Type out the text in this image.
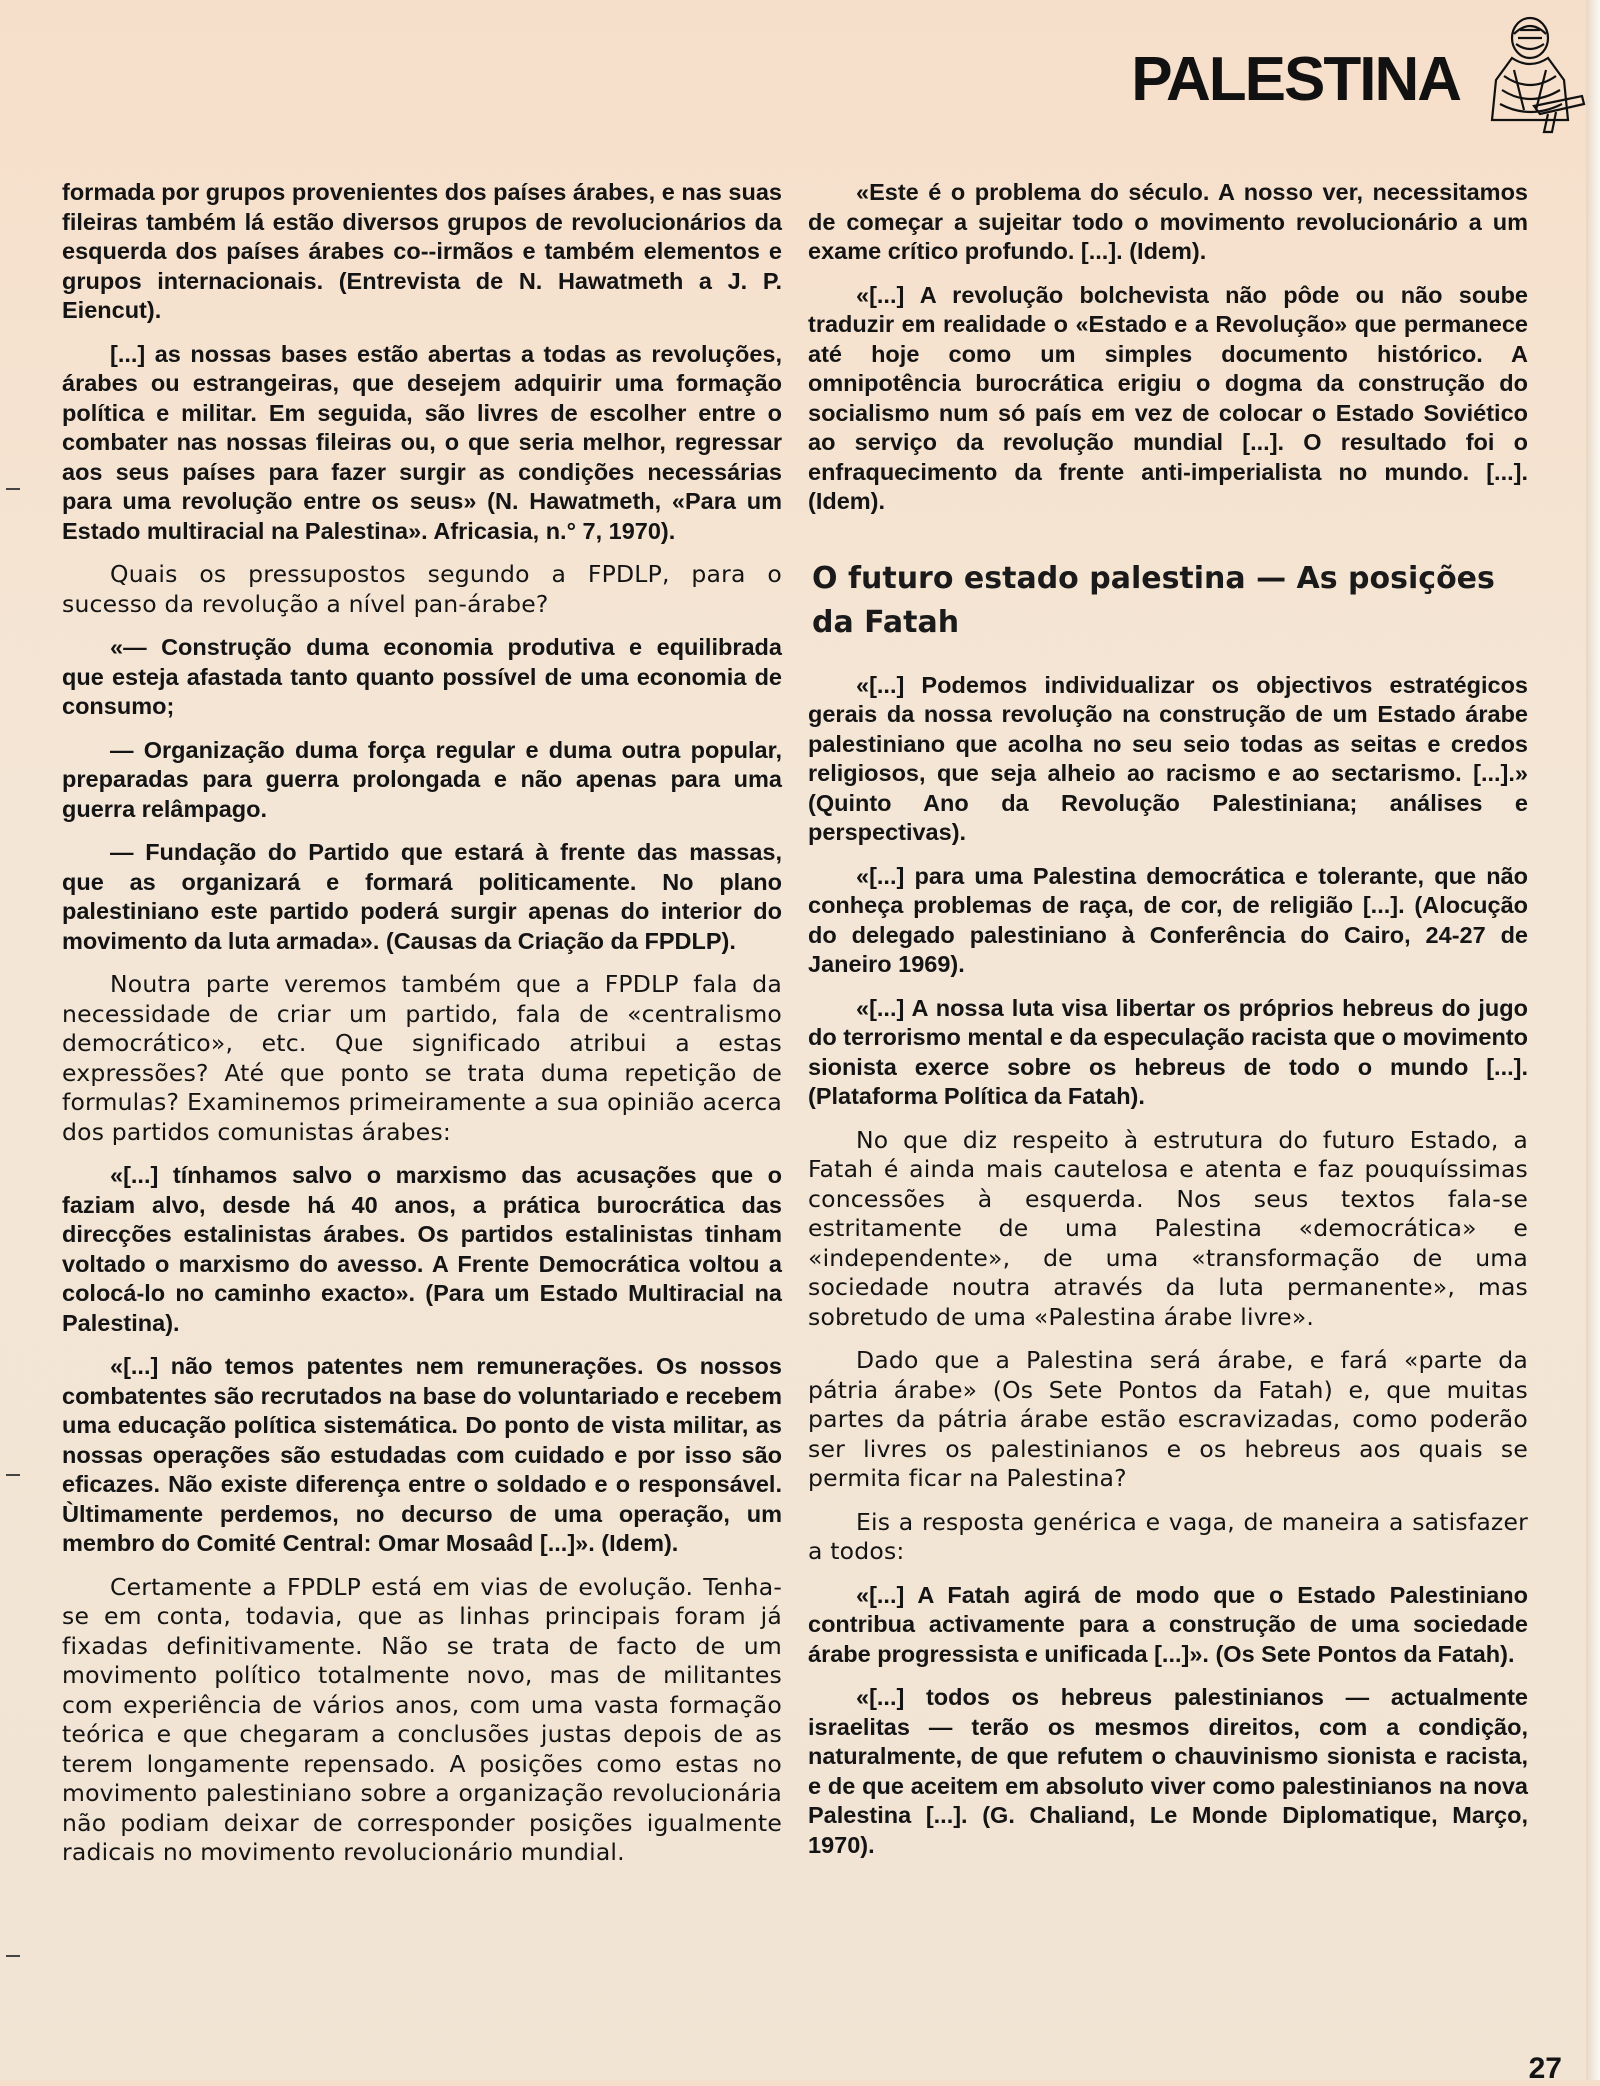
PALESTINA

formada por grupos provenientes dos países árabes, e nas suas fileiras também lá estão diversos grupos de revolucionários da esquerda dos países árabes co--irmãos e também elementos e grupos internacionais. (Entrevista de N. Hawatmeth a J. P. Eiencut).

[...] as nossas bases estão abertas a todas as revoluções, árabes ou estrangeiras, que desejem adquirir uma formação política e militar. Em seguida, são livres de escolher entre o combater nas nossas fileiras ou, o que seria melhor, regressar aos seus países para fazer surgir as condições necessárias para uma revolução entre os seus» (N. Hawatmeth, «Para um Estado multiracial na Palestina». Africasia, n.° 7, 1970).

Quais os pressupostos segundo a FPDLP, para o sucesso da revolução a nível pan-árabe?

«— Construção duma economia produtiva e equilibrada que esteja afastada tanto quanto possível de uma economia de consumo;

— Organização duma força regular e duma outra popular, preparadas para guerra prolongada e não apenas para uma guerra relâmpago.

— Fundação do Partido que estará à frente das massas, que as organizará e formará politicamente. No plano palestiniano este partido poderá surgir apenas do interior do movimento da luta armada». (Causas da Criação da FPDLP).

Noutra parte veremos também que a FPDLP fala da necessidade de criar um partido, fala de «centralismo democrático», etc. Que significado atribui a estas expressões? Até que ponto se trata duma repetição de formulas? Examinemos primeiramente a sua opinião acerca dos partidos comunistas árabes:

«[...] tínhamos salvo o marxismo das acusações que o faziam alvo, desde há 40 anos, a prática burocrática das direcções estalinistas árabes. Os partidos estalinistas tinham voltado o marxismo do avesso. A Frente Democrática voltou a colocá-lo no caminho exacto». (Para um Estado Multiracial na Palestina).

«[...] não temos patentes nem remunerações. Os nossos combatentes são recrutados na base do voluntariado e recebem uma educação política sistemática. Do ponto de vista militar, as nossas operações são estudadas com cuidado e por isso são eficazes. Não existe diferença entre o soldado e o responsável. Ùltimamente perdemos, no decurso de uma operação, um membro do Comité Central: Omar Mosaâd [...]». (Idem).

Certamente a FPDLP está em vias de evolução. Tenha-se em conta, todavia, que as linhas principais foram já fixadas definitivamente. Não se trata de facto de um movimento político totalmente novo, mas de militantes com experiência de vários anos, com uma vasta formação teórica e que chegaram a conclusões justas depois de as terem longamente repensado. A posições como estas no movimento palestiniano sobre a organização revolucionária não podiam deixar de corresponder posições igualmente radicais no movimento revolucionário mundial.

«Este é o problema do século. A nosso ver, necessitamos de começar a sujeitar todo o movimento revolucionário a um exame crítico profundo. [...]. (Idem).

«[...] A revolução bolchevista não pôde ou não soube traduzir em realidade o «Estado e a Revolução» que permanece até hoje como um simples documento histórico. A omnipotência burocrática erigiu o dogma da construção do socialismo num só país em vez de colocar o Estado Soviético ao serviço da revolução mundial [...]. O resultado foi o enfraquecimento da frente anti-imperialista no mundo. [...]. (Idem).

O futuro estado palestina — As posições da Fatah

«[...] Podemos individualizar os objectivos estratégicos gerais da nossa revolução na construção de um Estado árabe palestiniano que acolha no seu seio todas as seitas e credos religiosos, que seja alheio ao racismo e ao sectarismo. [...].» (Quinto Ano da Revolução Palestiniana; análises e perspectivas).

«[...] para uma Palestina democrática e tolerante, que não conheça problemas de raça, de cor, de religião [...]. (Alocução do delegado palestiniano à Conferência do Cairo, 24-27 de Janeiro 1969).

«[...] A nossa luta visa libertar os próprios hebreus do jugo do terrorismo mental e da especulação racista que o movimento sionista exerce sobre os hebreus de todo o mundo [...]. (Plataforma Política da Fatah).

No que diz respeito à estrutura do futuro Estado, a Fatah é ainda mais cautelosa e atenta e faz pouquíssimas concessões à esquerda. Nos seus textos fala-se estritamente de uma Palestina «democrática» e «independente», de uma «transformação de uma sociedade noutra através da luta permanente», mas sobretudo de uma «Palestina árabe livre».

Dado que a Palestina será árabe, e fará «parte da pátria árabe» (Os Sete Pontos da Fatah) e, que muitas partes da pátria árabe estão escravizadas, como poderão ser livres os palestinianos e os hebreus aos quais se permita ficar na Palestina?

Eis a resposta genérica e vaga, de maneira a satisfazer a todos:

«[...] A Fatah agirá de modo que o Estado Palestiniano contribua activamente para a construção de uma sociedade árabe progressista e unificada [...]». (Os Sete Pontos da Fatah).

«[...] todos os hebreus palestinianos — actualmente israelitas — terão os mesmos direitos, com a condição, naturalmente, de que refutem o chauvinismo sionista e racista, e de que aceitem em absoluto viver como palestinianos na nova Palestina [...]. (G. Chaliand, Le Monde Diplomatique, Março, 1970).

27
